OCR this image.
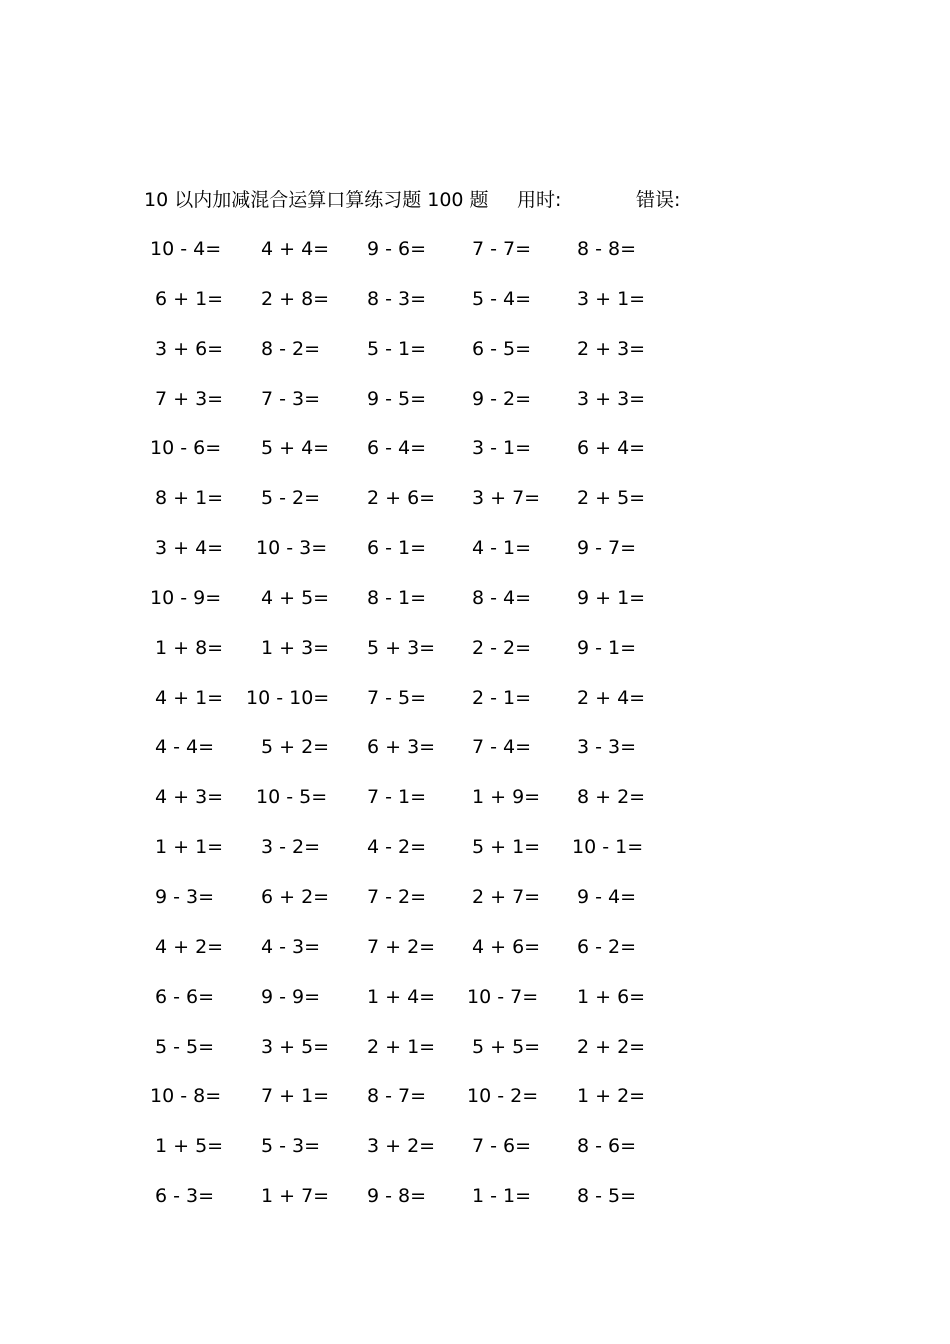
10 以内加减混合运算口算练习题 100 题 用时:	错误:
10 - 4= 4 + 4= 9 - 6= 7 - 7= 8 - 8=
6 + 1= 2 + 8= 8 - 3= 5 - 4= 3 + 1=
3 + 6= 8 - 2= 5 - 1= 6 - 5= 2 + 3=
7 + 3= 7 - 3= 9 - 5= 9 - 2= 3 + 3=
10 - 6= 5 + 4= 6 - 4= 3 - 1= 6 + 4=
8 + 1= 5 - 2= 2 + 6= 3 + 7= 2 + 5=
3 + 4= 10 - 3= 6 - 1= 4 - 1= 9 - 7=
10 - 9= 4 + 5= 8 - 1= 8 - 4= 9 + 1=
1 + 8= 1 + 3= 5 + 3= 2 - 2= 9 - 1=
4 + 1= 10 - 10= 7 - 5= 2 - 1= 2 + 4=
4 - 4= 5 + 2= 6 + 3= 7 - 4= 3 - 3=
4 + 3= 10 - 5= 7 - 1= 1 + 9= 8 + 2=
1 + 1= 3 - 2= 4 - 2= 5 + 1= 10 - 1=
9 - 3= 6 + 2= 7 - 2= 2 + 7= 9 - 4=
4 + 2= 4 - 3= 7 + 2= 4 + 6= 6 - 2=
6 - 6= 9 - 9= 1 + 4= 10 - 7= 1 + 6=
5 - 5= 3 + 5= 2 + 1= 5 + 5= 2 + 2=
10 - 8= 7 + 1= 8 - 7= 10 - 2= 1 + 2=
1 + 5= 5 - 3= 3 + 2= 7 - 6= 8 - 6=
6 - 3= 1 + 7= 9 - 8= 1 - 1= 8 - 5=
